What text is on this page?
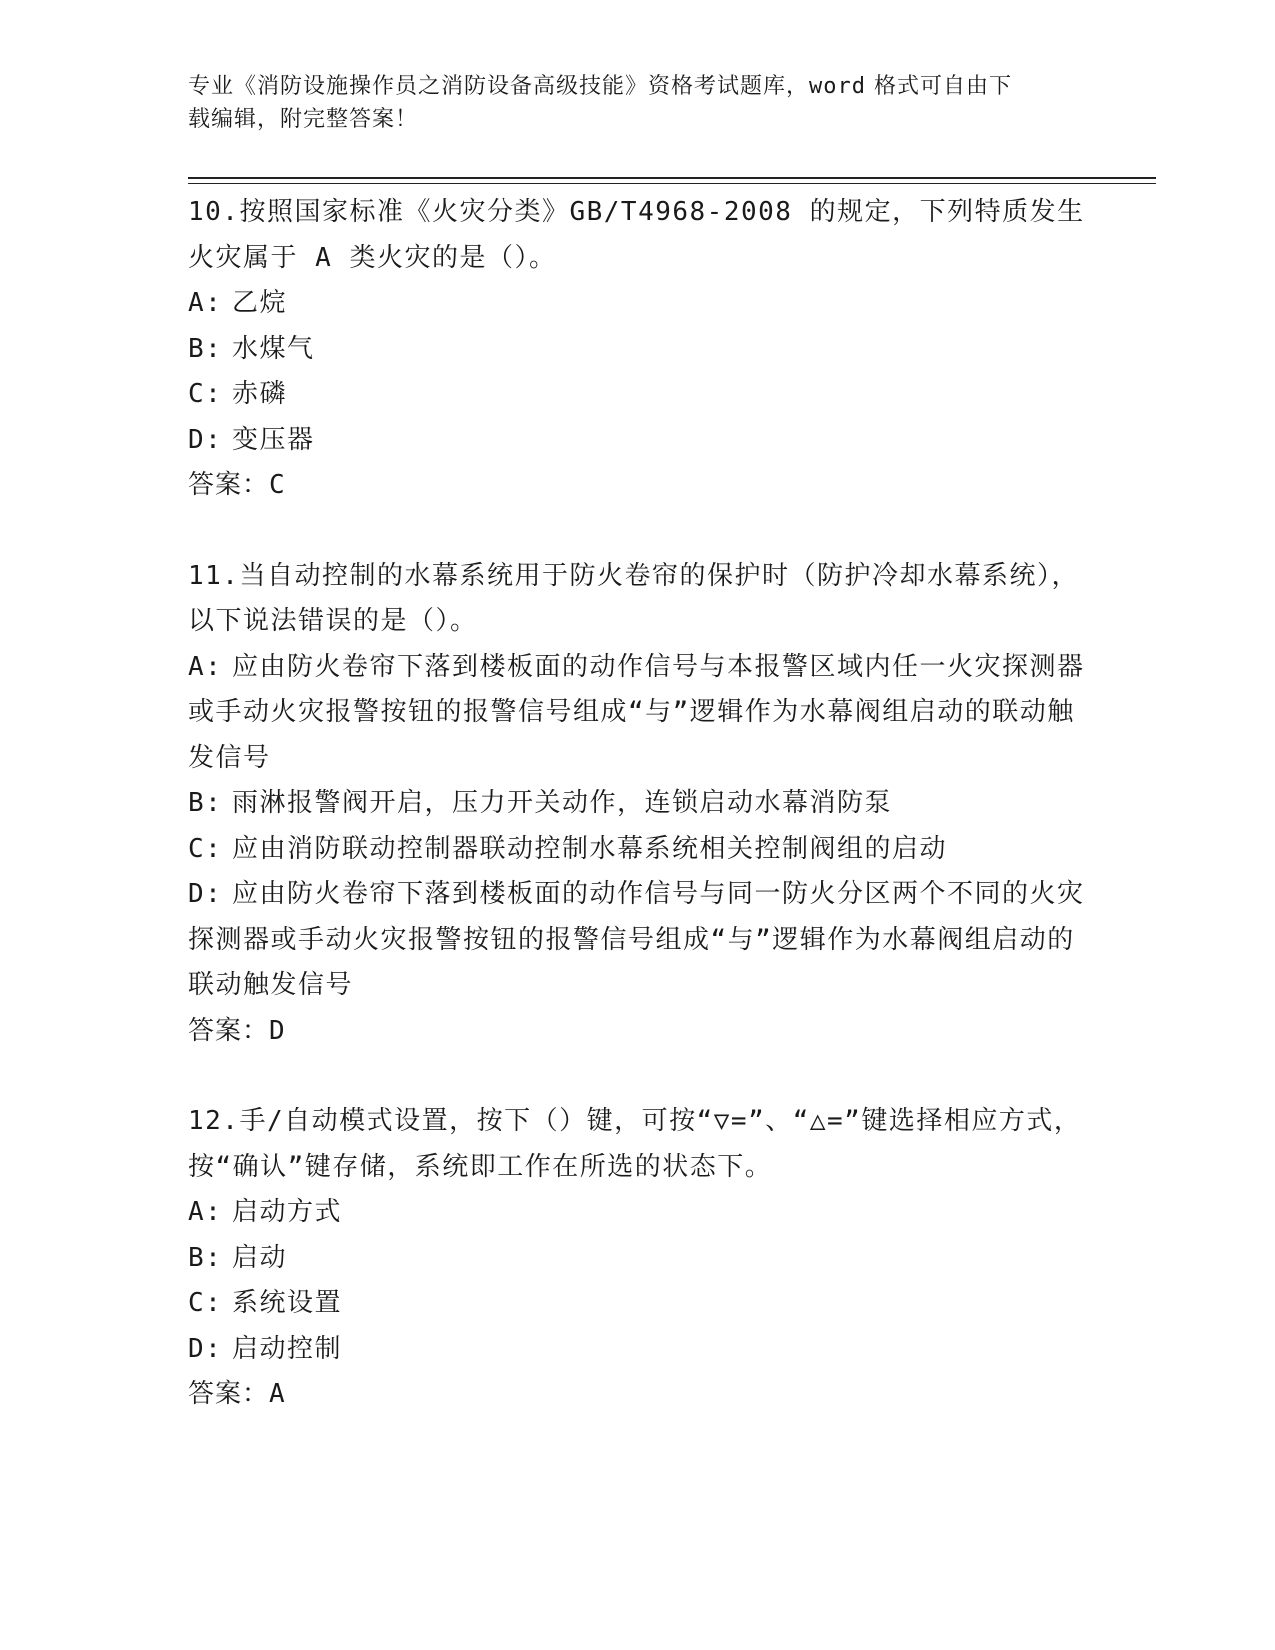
专业《消防设施操作员之消防设备高级技能》资格考试题库，word 格式可自由下
载编辑，附完整答案！

10.按照国家标准《火灾分类》GB/T4968-2008 的规定，下列特质发生火灾属于 A 类火灾的是（）。

A: 乙烷

B: 水煤气

C: 赤磷

D: 变压器

答案：C

11.当自动控制的水幕系统用于防火卷帘的保护时（防护冷却水幕系统），以下说法错误的是（）。

A: 应由防火卷帘下落到楼板面的动作信号与本报警区域内任一火灾探测器或手动火灾报警按钮的报警信号组成“与”逻辑作为水幕阀组启动的联动触发信号

B: 雨淋报警阀开启，压力开关动作，连锁启动水幕消防泵

C: 应由消防联动控制器联动控制水幕系统相关控制阀组的启动

D: 应由防火卷帘下落到楼板面的动作信号与同一防火分区两个不同的火灾探测器或手动火灾报警按钮的报警信号组成“与”逻辑作为水幕阀组启动的联动触发信号

答案：D

12.手/自动模式设置，按下（）键，可按“▽=”、“△=”键选择相应方式，按“确认”键存储，系统即工作在所选的状态下。

A: 启动方式

B: 启动

C: 系统设置

D: 启动控制

答案：A
